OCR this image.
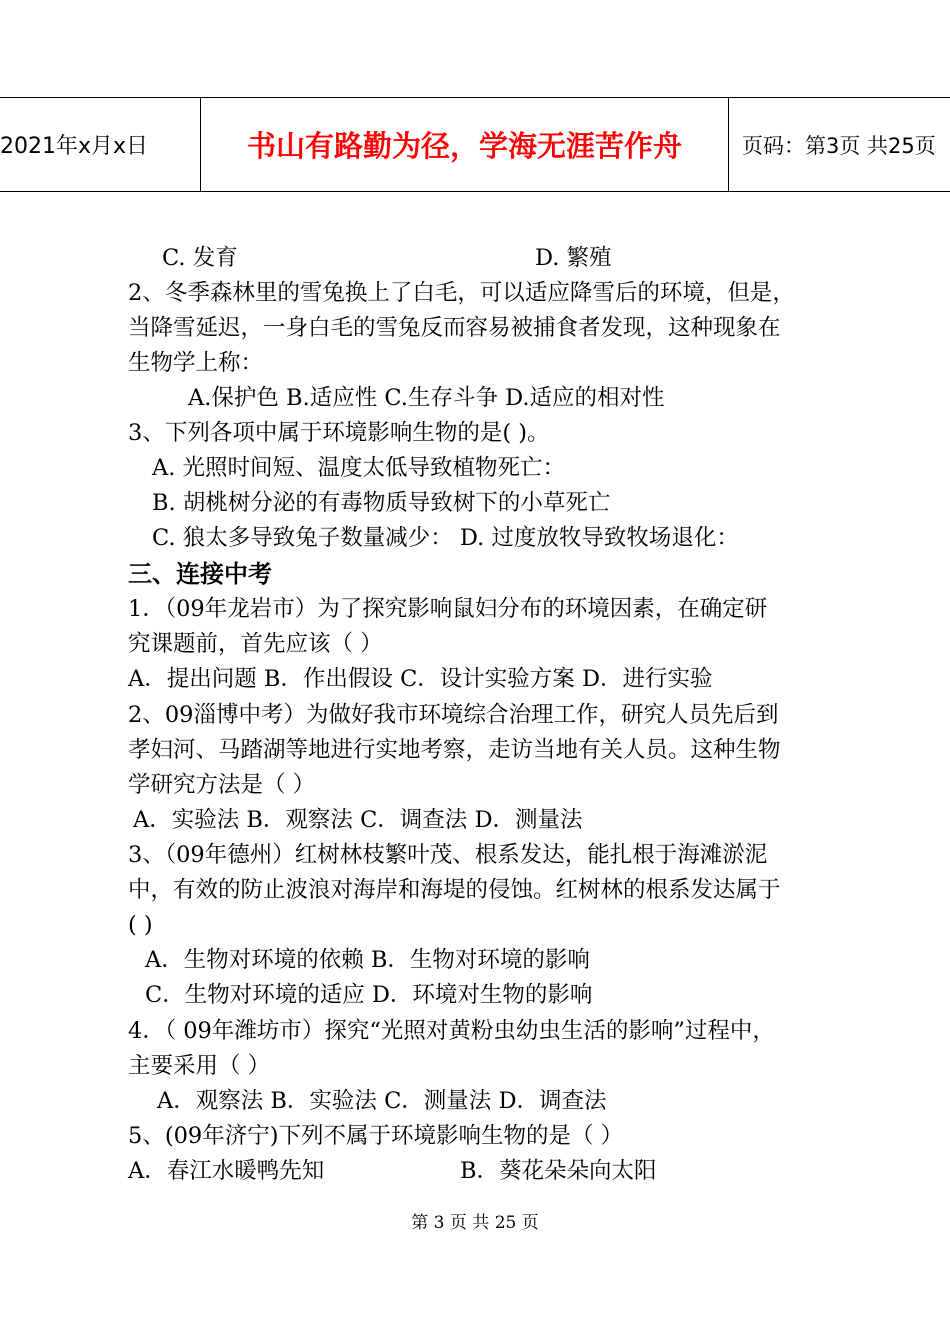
2021年x月x日	书山有路勤为径，学海无涯苦作舟	页码：第3页 共25页
C. 发育	D. 繁殖
2、冬季森林里的雪兔换上了白毛，可以适应降雪后的环境，但是，
当降雪延迟，一身白毛的雪兔反而容易被捕食者发现，这种现象在
生物学上称：
A.保护色 B.适应性 C.生存斗争 D.适应的相对性
3、下列各项中属于环境影响生物的是( )。
A. 光照时间短、温度太低导致植物死亡：
B. 胡桃树分泌的有毒物质导致树下的小草死亡
C. 狼太多导致兔子数量减少： D. 过度放牧导致牧场退化：
三、连接中考
1．（09年龙岩市）为了探究影响鼠妇分布的环境因素，在确定研
究课题前，首先应该（ ）
A．提出问题 B．作出假设 C．设计实验方案 D．进行实验
2、09淄博中考）为做好我市环境综合治理工作，研究人员先后到
孝妇河、马踏湖等地进行实地考察，走访当地有关人员。这种生物
学研究方法是（ ）
A．实验法 B．观察法 C．调查法 D．测量法
3、（09年德州）红树林枝繁叶茂、根系发达，能扎根于海滩淤泥
中，有效的防止波浪对海岸和海堤的侵蚀。红树林的根系发达属于
( )
A．生物对环境的依赖 B．生物对环境的影响
C．生物对环境的适应 D．环境对生物的影响
4．（ 09年潍坊市）探究“光照对黄粉虫幼虫生活的影响”过程中，
主要采用（ ）
A．观察法 B．实验法 C．测量法 D．调查法
5、(09年济宁)下列不属于环境影响生物的是（ ）
A．春江水暖鸭先知	B．葵花朵朵向太阳
第 3 页 共 25 页
